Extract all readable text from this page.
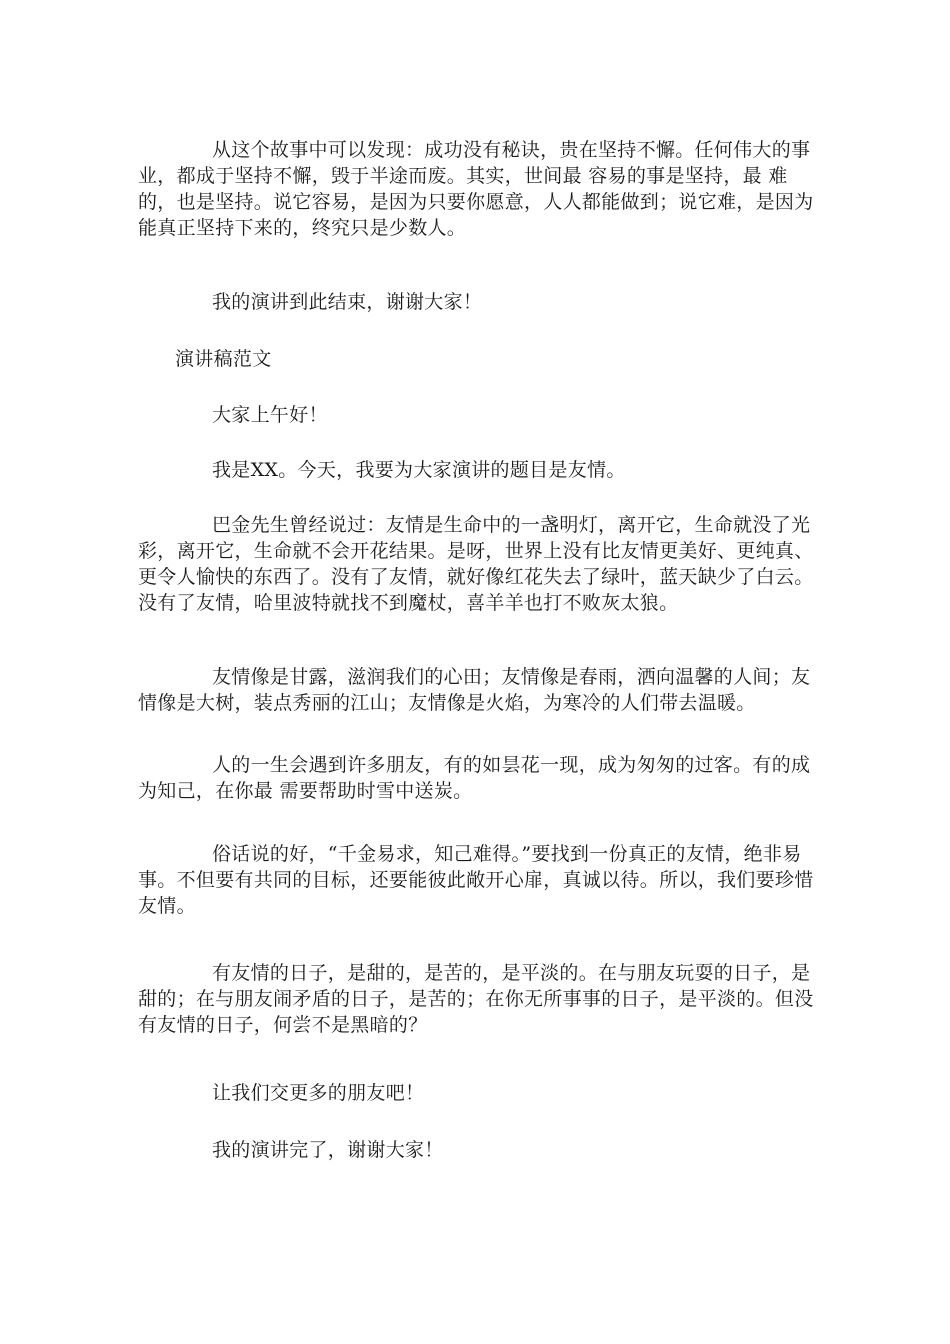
从这个故事中可以发现：成功没有秘诀，贵在坚持不懈。任何伟大的事业，都成于坚持不懈，毁于半途而废。其实，世间最 容易的事是坚持，最 难的，也是坚持。说它容易，是因为只要你愿意，人人都能做到；说它难，是因为能真正坚持下来的，终究只是少数人。

我的演讲到此结束，谢谢大家！

演讲稿范文

大家上午好！

我是XX。今天，我要为大家演讲的题目是友情。

巴金先生曾经说过：友情是生命中的一盏明灯，离开它，生命就没了光彩，离开它，生命就不会开花结果。是呀，世界上没有比友情更美好、更纯真、更令人愉快的东西了。没有了友情，就好像红花失去了绿叶，蓝天缺少了白云。没有了友情，哈里波特就找不到魔杖，喜羊羊也打不败灰太狼。

友情像是甘露，滋润我们的心田；友情像是春雨，洒向温馨的人间；友情像是大树，装点秀丽的江山；友情像是火焰，为寒冷的人们带去温暖。

人的一生会遇到许多朋友，有的如昙花一现，成为匆匆的过客。有的成为知己，在你最 需要帮助时雪中送炭。

俗话说的好，“千金易求，知己难得。”要找到一份真正的友情，绝非易事。不但要有共同的目标，还要能彼此敞开心扉，真诚以待。所以，我们要珍惜友情。

有友情的日子，是甜的，是苦的，是平淡的。在与朋友玩耍的日子，是甜的；在与朋友闹矛盾的日子，是苦的；在你无所事事的日子，是平淡的。但没有友情的日子，何尝不是黑暗的？

让我们交更多的朋友吧！

我的演讲完了，谢谢大家！
